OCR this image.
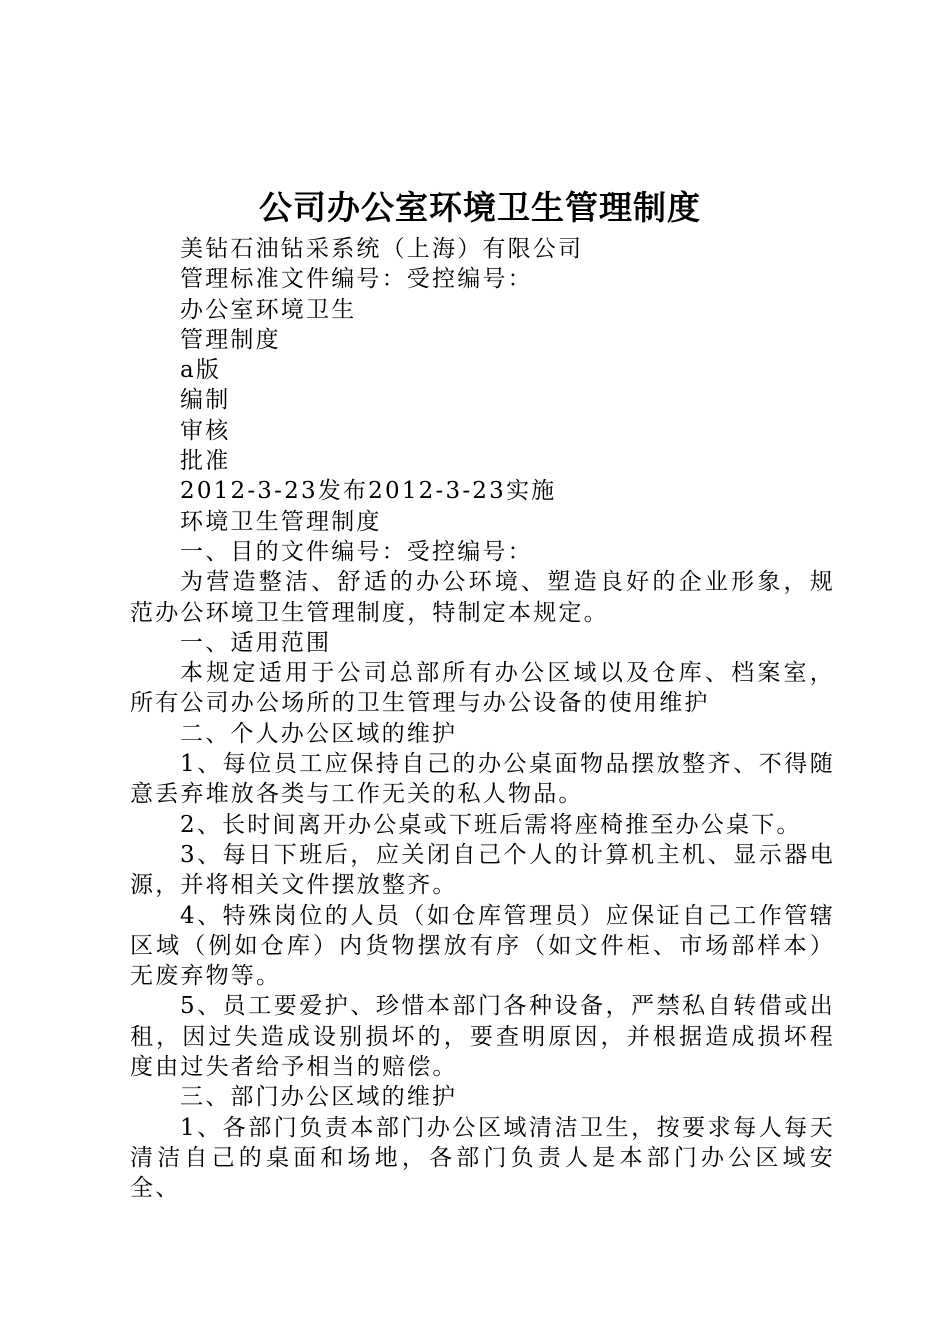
公司办公室环境卫生管理制度

美钻石油钻采系统（上海）有限公司

管理标准文件编号：受控编号：

办公室环境卫生

管理制度

a版

编制

审核

批准

2012-3-23发布2012-3-23实施

环境卫生管理制度

一、目的文件编号：受控编号：

为营造整洁、舒适的办公环境、塑造良好的企业形象，规范办公环境卫生管理制度，特制定本规定。

一、适用范围

本规定适用于公司总部所有办公区域以及仓库、档案室，所有公司办公场所的卫生管理与办公设备的使用维护

二、个人办公区域的维护

1、每位员工应保持自己的办公桌面物品摆放整齐、不得随意丢弃堆放各类与工作无关的私人物品。

2、长时间离开办公桌或下班后需将座椅推至办公桌下。

3、每日下班后，应关闭自己个人的计算机主机、显示器电源，并将相关文件摆放整齐。

4、特殊岗位的人员（如仓库管理员）应保证自己工作管辖区域（例如仓库）内货物摆放有序（如文件柜、市场部样本）无废弃物等。

5、员工要爱护、珍惜本部门各种设备，严禁私自转借或出租，因过失造成设别损坏的，要查明原因，并根据造成损坏程度由过失者给予相当的赔偿。

三、部门办公区域的维护

1、各部门负责本部门办公区域清洁卫生，按要求每人每天清洁自己的桌面和场地，各部门负责人是本部门办公区域安全、
